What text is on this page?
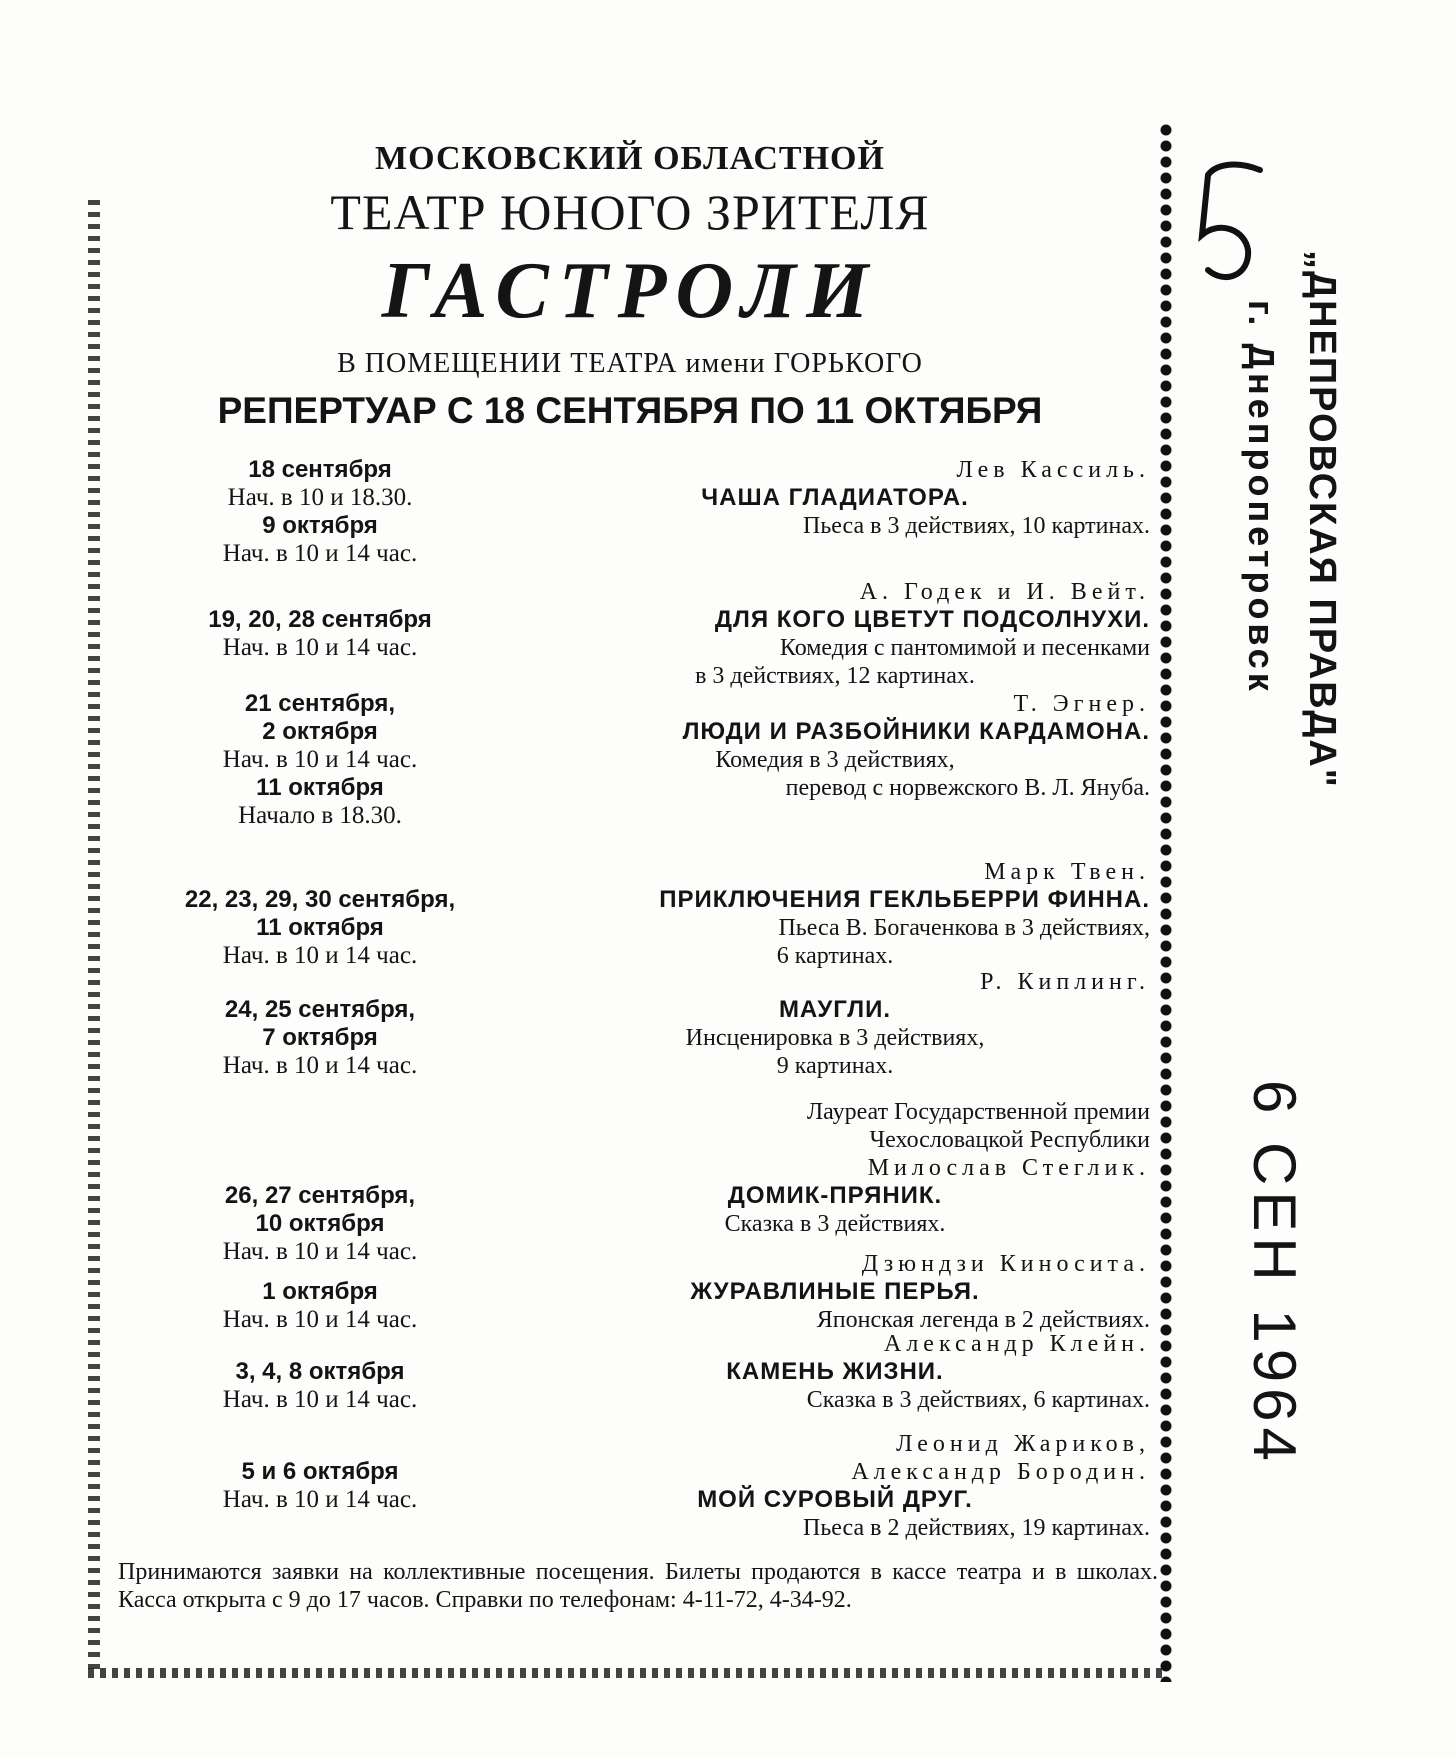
МОСКОВСКИЙ ОБЛАСТНОЙ
ТЕАТР ЮНОГО ЗРИТЕЛЯ
ГАСТРОЛИ
В ПОМЕЩЕНИИ ТЕАТРА имени ГОРЬКОГО
РЕПЕРТУАР С 18 СЕНТЯБРЯ ПО 11 ОКТЯБРЯ
18 сентября
Нач. в 10 и 18.30.
9 октября
Нач. в 10 и 14 час.
Лев Кассиль.
ЧАША ГЛАДИАТОРА.
Пьеса в 3 действиях, 10 картинах.
19, 20, 28 сентября
Нач. в 10 и 14 час.
А. Годек и И. Вейт.
ДЛЯ КОГО ЦВЕТУТ ПОДСОЛНУХИ.
Комедия с пантомимой и песенками
в 3 действиях, 12 картинах.
21 сентября,
2 октября
Нач. в 10 и 14 час.
11 октября
Начало в 18.30.
Т. Эгнер.
ЛЮДИ И РАЗБОЙНИКИ КАРДАМОНА.
Комедия в 3 действиях,
перевод с норвежского В. Л. Януба.
22, 23, 29, 30 сентября,
11 октября
Нач. в 10 и 14 час.
Марк Твен.
ПРИКЛЮЧЕНИЯ ГЕКЛЬБЕРРИ ФИННА.
Пьеса В. Богаченкова в 3 действиях,
6 картинах.
24, 25 сентября,
7 октября
Нач. в 10 и 14 час.
Р. Киплинг.
МАУГЛИ.
Инсценировка в 3 действиях,
9 картинах.
26, 27 сентября,
10 октября
Нач. в 10 и 14 час.
Лауреат Государственной премии
Чехословацкой Республики
Милослав Стеглик.
ДОМИК-ПРЯНИК.
Сказка в 3 действиях.
1 октября
Нач. в 10 и 14 час.
Дзюндзи Киносита.
ЖУРАВЛИНЫЕ ПЕРЬЯ.
Японская легенда в 2 действиях.
3, 4, 8 октября
Нач. в 10 и 14 час.
Александр Клейн.
КАМЕНЬ ЖИЗНИ.
Сказка в 3 действиях, 6 картинах.
5 и 6 октября
Нач. в 10 и 14 час.
Леонид Жариков,
Александр Бородин.
МОЙ СУРОВЫЙ ДРУГ.
Пьеса в 2 действиях, 19 картинах.
Принимаются заявки на коллективные посещения. Билеты продаются в кассе театра и в школах. Касса открыта с 9 до 17 часов. Справки по телефонам: 4-11-72, 4-34-92.
„ДНЕПРОВСКАЯ ПРАВДА"
г. Днепропетровск
6 СЕН 1964
